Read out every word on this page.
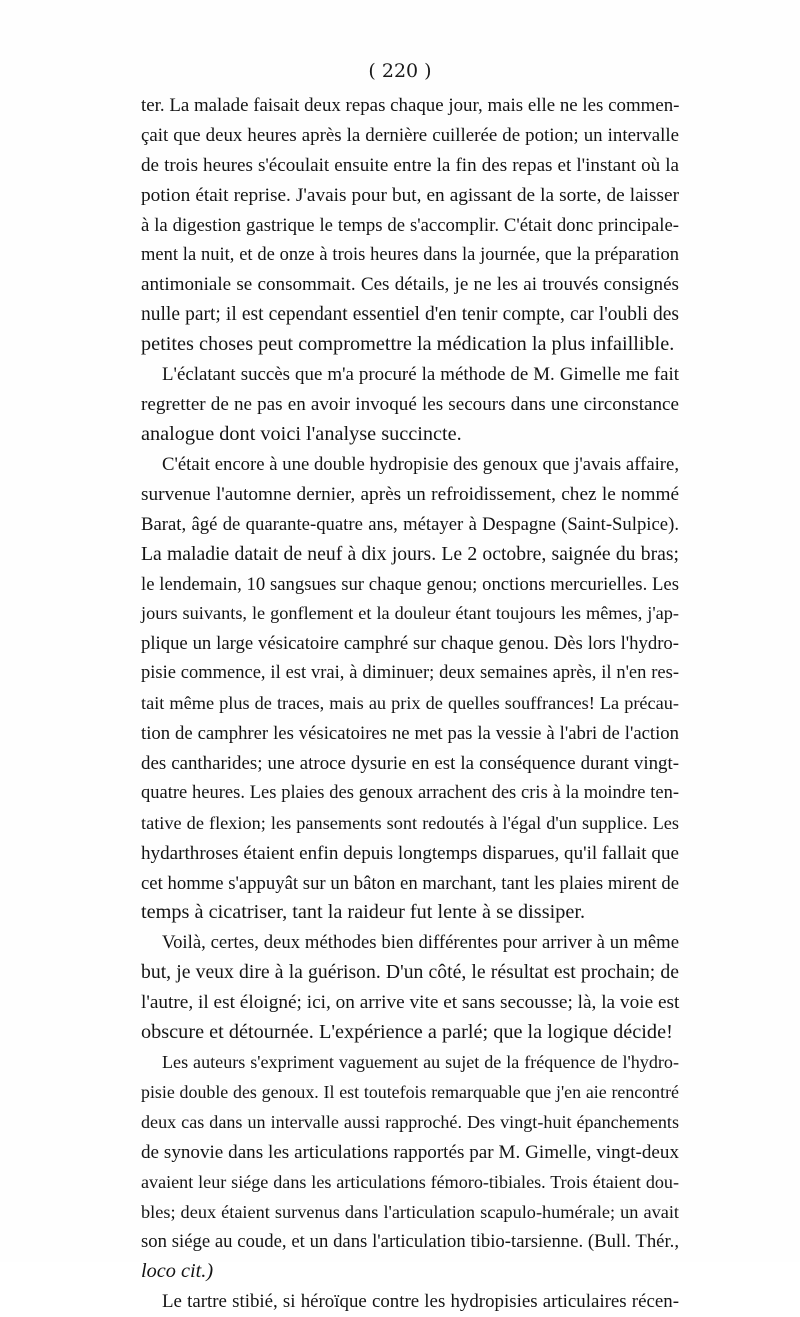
( 220 )

ter. La malade faisait deux repas chaque jour, mais elle ne les commen-
çait que deux heures après la dernière cuillerée de potion; un intervalle
de trois heures s'écoulait ensuite entre la fin des repas et l'instant où la
potion était reprise. J'avais pour but, en agissant de la sorte, de laisser
à la digestion gastrique le temps de s'accomplir. C'était donc principale-
ment la nuit, et de onze à trois heures dans la journée, que la préparation
antimoniale se consommait. Ces détails, je ne les ai trouvés consignés
nulle part; il est cependant essentiel d'en tenir compte, car l'oubli des
petites choses peut compromettre la médication la plus infaillible.

L'éclatant succès que m'a procuré la méthode de M. Gimelle me fait
regretter de ne pas en avoir invoqué les secours dans une circonstance
analogue dont voici l'analyse succincte.

C'était encore à une double hydropisie des genoux que j'avais affaire,
survenue l'automne dernier, après un refroidissement, chez le nommé
Barat, âgé de quarante-quatre ans, métayer à Despagne (Saint-Sulpice).
La maladie datait de neuf à dix jours. Le 2 octobre, saignée du bras;
le lendemain, 10 sangsues sur chaque genou; onctions mercurielles. Les
jours suivants, le gonflement et la douleur étant toujours les mêmes, j'ap-
plique un large vésicatoire camphré sur chaque genou. Dès lors l'hydro-
pisie commence, il est vrai, à diminuer; deux semaines après, il n'en res-
tait même plus de traces, mais au prix de quelles souffrances! La précau-
tion de camphrer les vésicatoires ne met pas la vessie à l'abri de l'action
des cantharides; une atroce dysurie en est la conséquence durant vingt-
quatre heures. Les plaies des genoux arrachent des cris à la moindre ten-
tative de flexion; les pansements sont redoutés à l'égal d'un supplice. Les
hydarthroses étaient enfin depuis longtemps disparues, qu'il fallait que
cet homme s'appuyât sur un bâton en marchant, tant les plaies mirent de
temps à cicatriser, tant la raideur fut lente à se dissiper.

Voilà, certes, deux méthodes bien différentes pour arriver à un même
but, je veux dire à la guérison. D'un côté, le résultat est prochain; de
l'autre, il est éloigné; ici, on arrive vite et sans secousse; là, la voie est
obscure et détournée. L'expérience a parlé; que la logique décide!

Les auteurs s'expriment vaguement au sujet de la fréquence de l'hydro-
pisie double des genoux. Il est toutefois remarquable que j'en aie rencontré
deux cas dans un intervalle aussi rapproché. Des vingt-huit épanchements
de synovie dans les articulations rapportés par M. Gimelle, vingt-deux
avaient leur siége dans les articulations fémoro-tibiales. Trois étaient dou-
bles; deux étaient survenus dans l'articulation scapulo-humérale; un avait
son siége au coude, et un dans l'articulation tibio-tarsienne. (Bull. Thér.,
loco cit.)

Le tartre stibié, si héroïque contre les hydropisies articulaires récen-
